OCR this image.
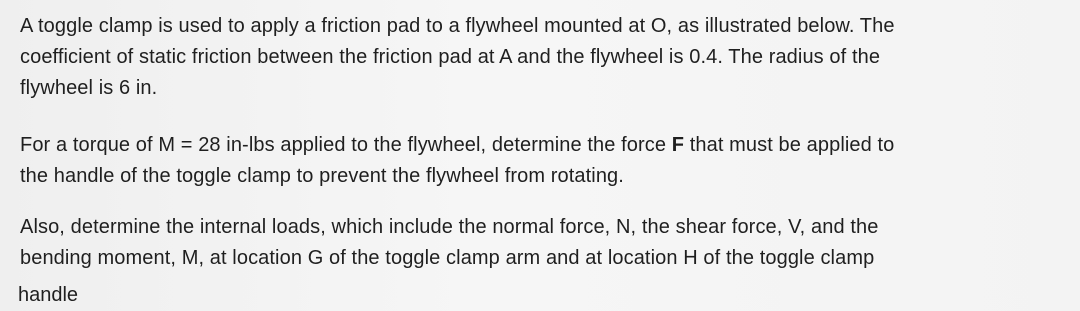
A toggle clamp is used to apply a friction pad to a flywheel mounted at O, as illustrated below. The
coefficient of static friction between the friction pad at A and the flywheel is 0.4. The radius of the
flywheel is 6 in.

For a torque of M = 28 in-lbs applied to the flywheel, determine the force F that must be applied to
the handle of the toggle clamp to prevent the flywheel from rotating.

Also, determine the internal loads, which include the normal force, N, the shear force, V, and the
bending moment, M, at location G of the toggle clamp arm and at location H of the toggle clamp

handle
